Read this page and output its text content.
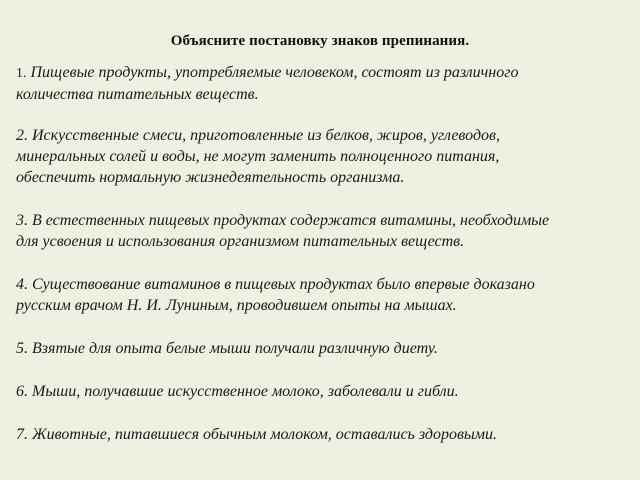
Объясните постановку знаков препинания.

1. Пищевые продукты, употребляемые человеком, состоят из различного
количества питательных веществ.

2. Искусственные смеси, приготовленные из белков, жиров, углеводов,
минеральных солей и воды, не могут заменить полноценного питания,
обеспечить нормальную жизнедеятельность организма.

3. В естественных пищевых продуктах содержатся витамины, необходимые
для усвоения и использования организмом питательных веществ.

4. Существование витаминов в пищевых продуктах было впервые доказано
русским врачом Н. И. Луниным, проводившем опыты на мышах.

5. Взятые для опыта белые мыши получали различную диету.

6. Мыши, получавшие искусственное молоко, заболевали и гибли.

7. Животные, питавшиеся обычным молоком, оставались здоровыми.
